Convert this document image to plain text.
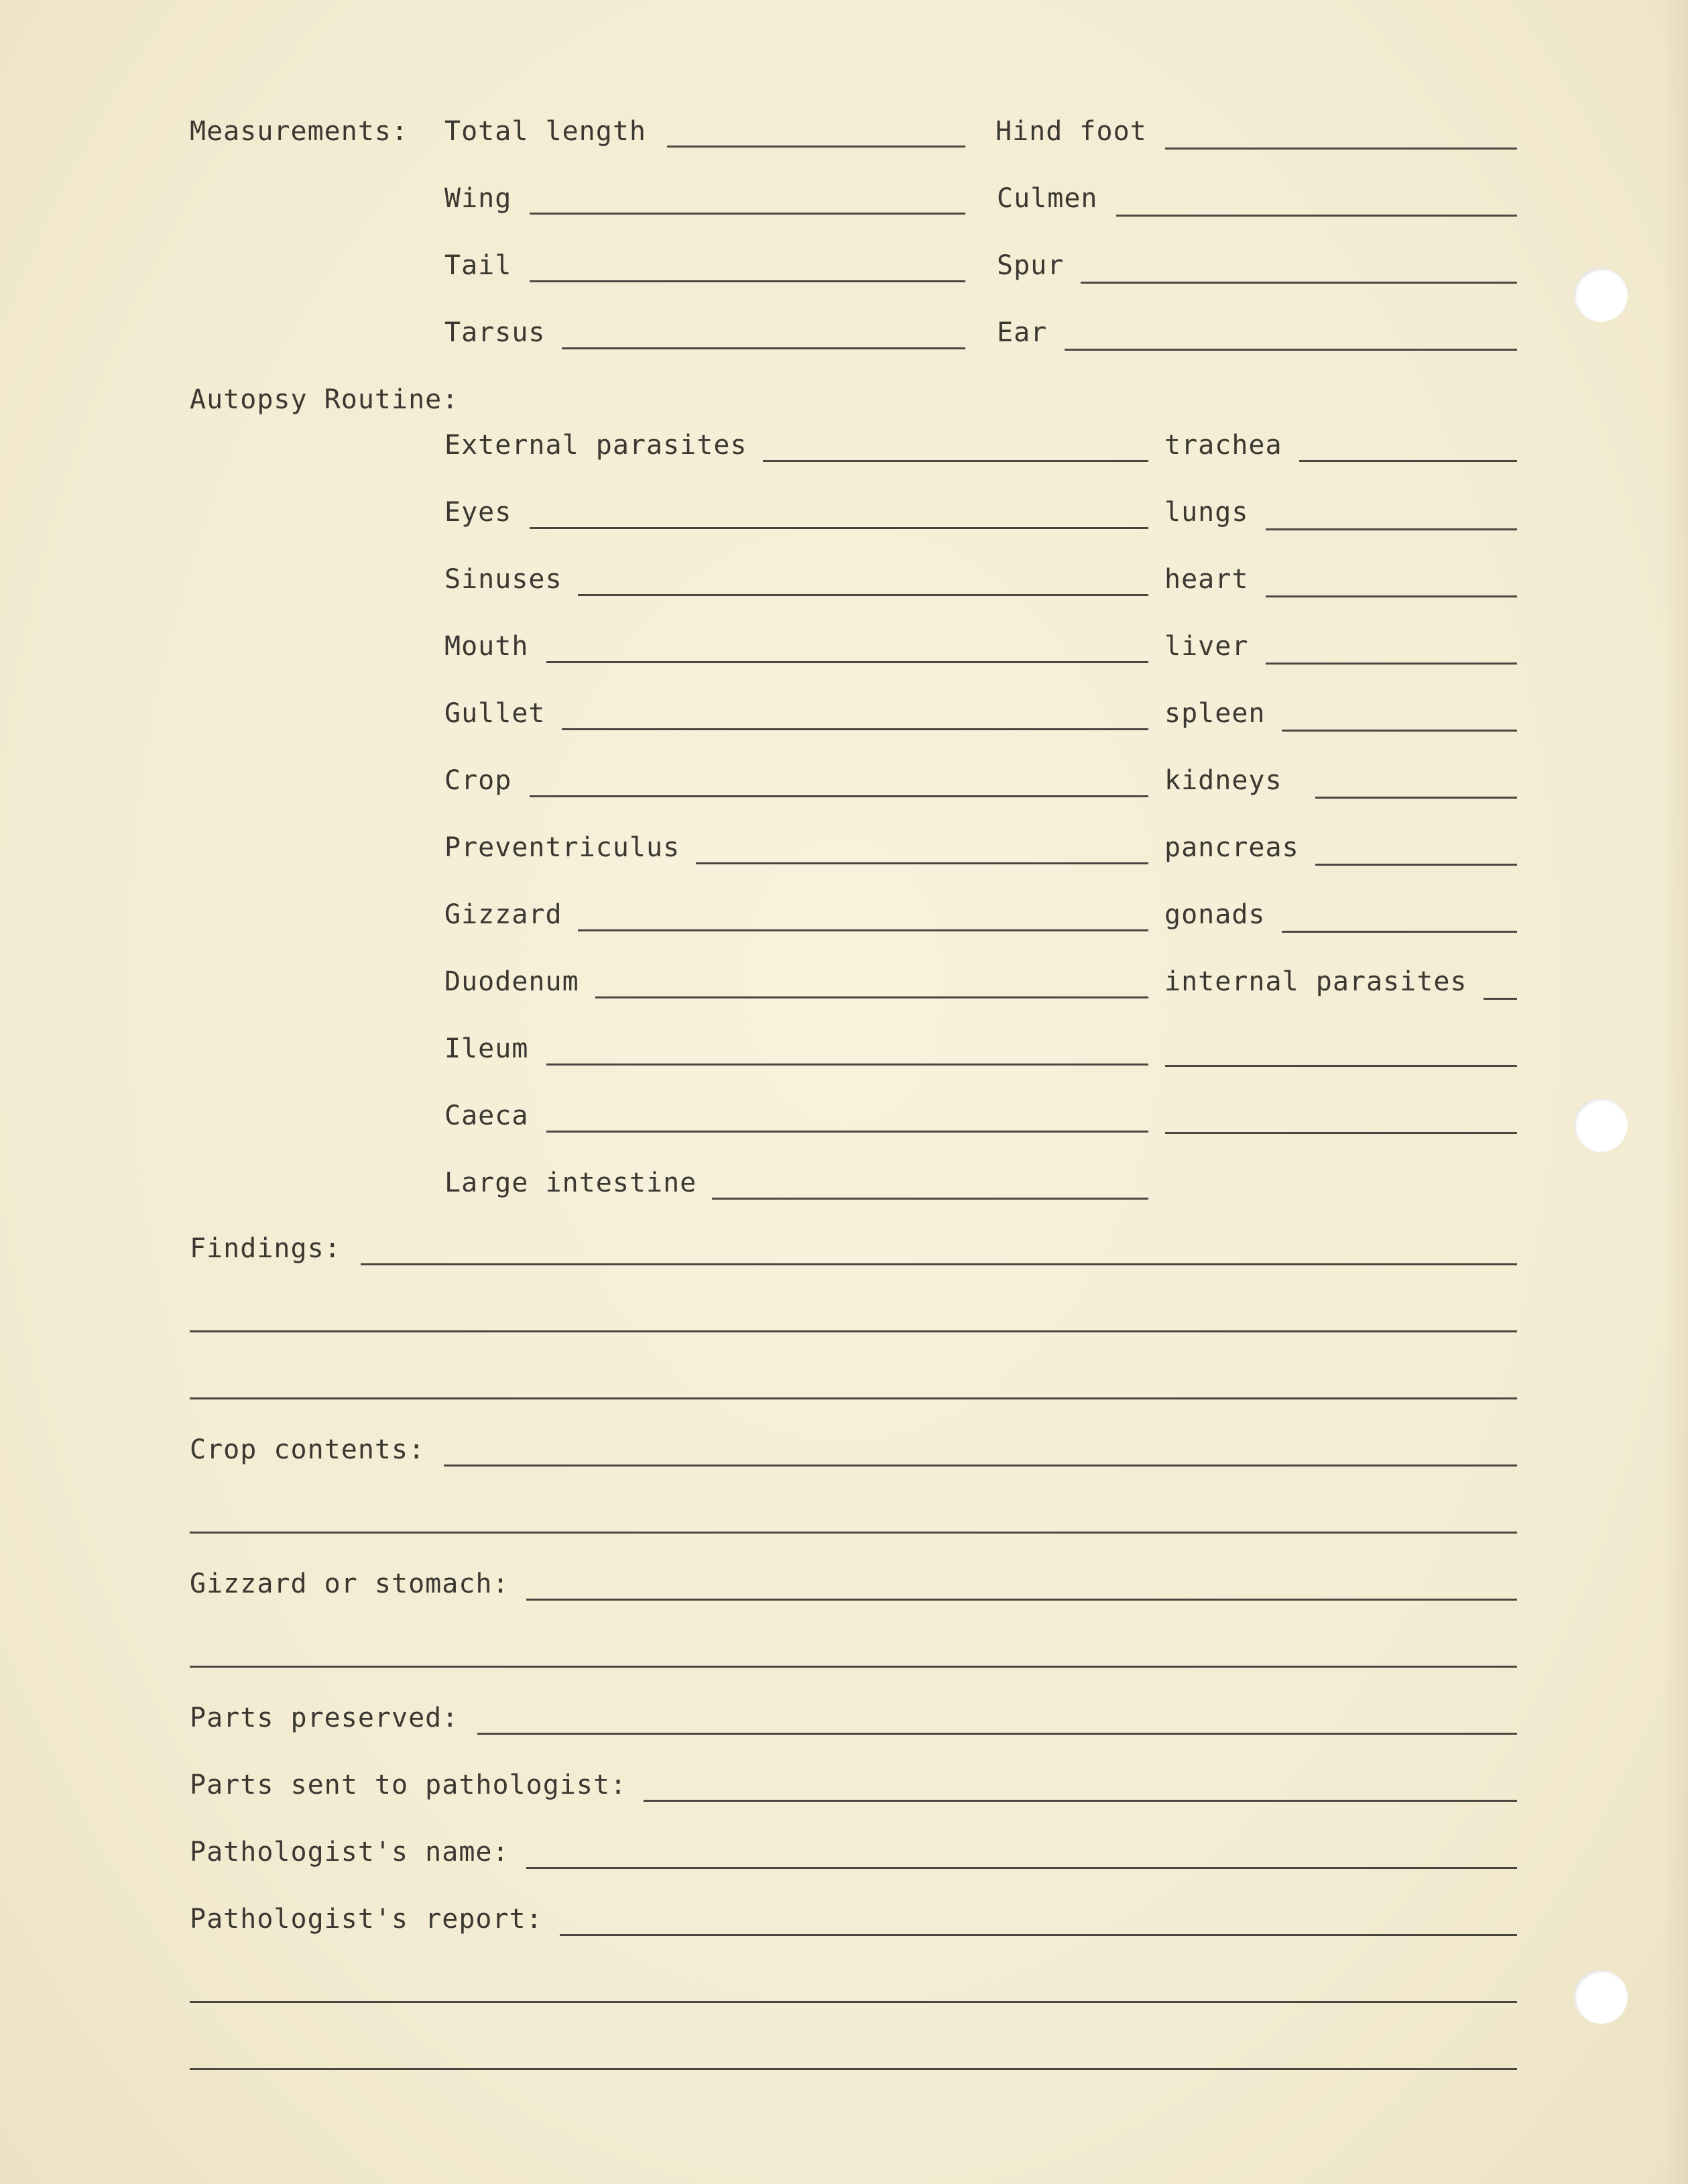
Measurements: Total length	Hind foot
Wing	Culmen
Tail	Spur
Tarsus	Ear
Autopsy Routine:
External parasites	trachea
Eyes	lungs
Sinuses	heart
Mouth	liver
Gullet	spleen
Crop	kidneys
Preventriculus	pancreas
Gizzard	gonads
Duodenum	internal parasites
Ileum
Caeca
Large intestine
Findings:
Crop contents:
Gizzard or stomach:
Parts preserved:
Parts sent to pathologist:
Pathologist's name:
Pathologist's report:
